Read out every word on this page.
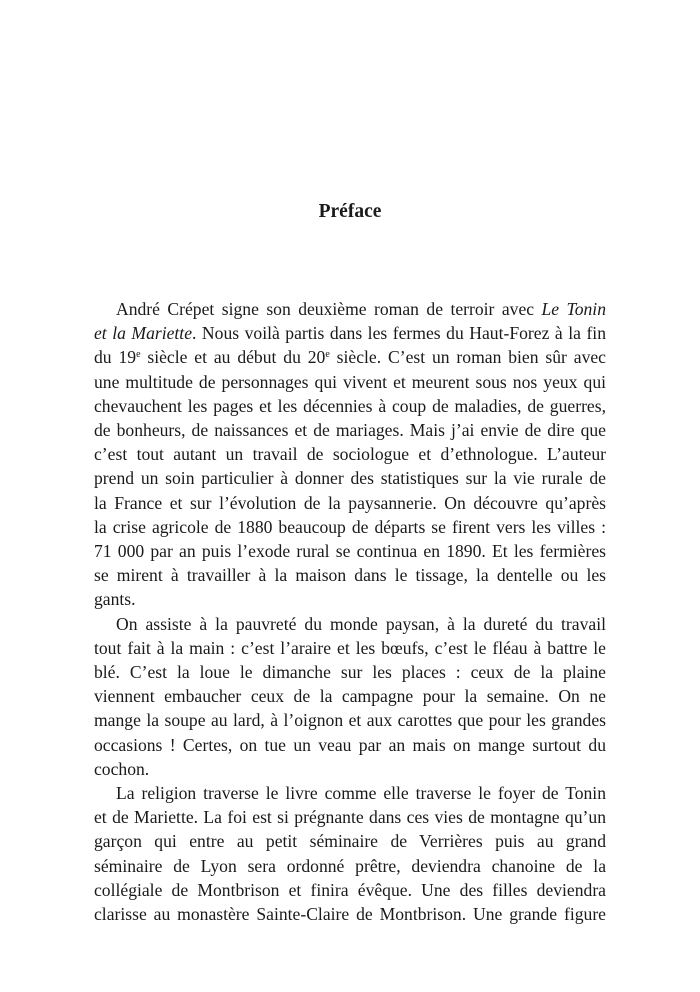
Préface
André Crépet signe son deuxième roman de terroir avec Le Tonin
et la Mariette. Nous voilà partis dans les fermes du Haut-Forez à la fin
du 19e siècle et au début du 20e siècle. C’est un roman bien sûr avec
une multitude de personnages qui vivent et meurent sous nos yeux qui
chevauchent les pages et les décennies à coup de maladies, de guerres,
de bonheurs, de naissances et de mariages. Mais j’ai envie de dire que
c’est tout autant un travail de sociologue et d’ethnologue. L’auteur
prend un soin particulier à donner des statistiques sur la vie rurale de
la France et sur l’évolution de la paysannerie. On découvre qu’après
la crise agricole de 1880 beaucoup de départs se firent vers les villes :
71 000 par an puis l’exode rural se continua en 1890. Et les fermières
se mirent à travailler à la maison dans le tissage, la dentelle ou les
gants.
On assiste à la pauvreté du monde paysan, à la dureté du travail
tout fait à la main : c’est l’araire et les bœufs, c’est le fléau à battre le
blé. C’est la loue le dimanche sur les places : ceux de la plaine
viennent embaucher ceux de la campagne pour la semaine. On ne
mange la soupe au lard, à l’oignon et aux carottes que pour les grandes
occasions ! Certes, on tue un veau par an mais on mange surtout du
cochon.
La religion traverse le livre comme elle traverse le foyer de Tonin
et de Mariette. La foi est si prégnante dans ces vies de montagne qu’un
garçon qui entre au petit séminaire de Verrières puis au grand
séminaire de Lyon sera ordonné prêtre, deviendra chanoine de la
collégiale de Montbrison et finira évêque. Une des filles deviendra
clarisse au monastère Sainte-Claire de Montbrison. Une grande figure
